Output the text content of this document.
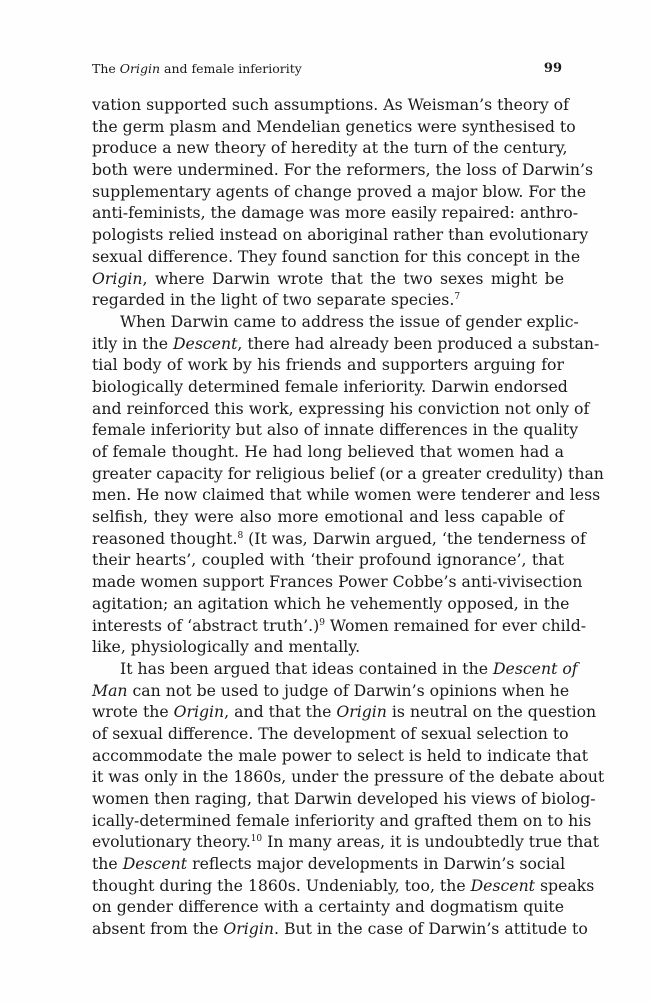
The Origin and female inferiority	99
vation supported such assumptions. As Weisman’s theory of
the germ plasm and Mendelian genetics were synthesised to
produce a new theory of heredity at the turn of the century,
both were undermined. For the reformers, the loss of Darwin’s
supplementary agents of change proved a major blow. For the
anti-feminists, the damage was more easily repaired: anthro-
pologists relied instead on aboriginal rather than evolutionary
sexual difference. They found sanction for this concept in the
Origin, where Darwin wrote that the two sexes might be
regarded in the light of two separate species.$^7$
When Darwin came to address the issue of gender explic-
itly in the Descent, there had already been produced a substan-
tial body of work by his friends and supporters arguing for
biologically determined female inferiority. Darwin endorsed
and reinforced this work, expressing his conviction not only of
female inferiority but also of innate differences in the quality
of female thought. He had long believed that women had a
greater capacity for religious belief (or a greater credulity) than
men. He now claimed that while women were tenderer and less
selfish, they were also more emotional and less capable of
reasoned thought.$^8$ (It was, Darwin argued, ‘the tenderness of
their hearts’, coupled with ‘their profound ignorance’, that
made women support Frances Power Cobbe’s anti-vivisection
agitation; an agitation which he vehemently opposed, in the
interests of ‘abstract truth’.)$^9$ Women remained for ever child-
like, physiologically and mentally.
It has been argued that ideas contained in the Descent of
Man can not be used to judge of Darwin’s opinions when he
wrote the Origin, and that the Origin is neutral on the question
of sexual difference. The development of sexual selection to
accommodate the male power to select is held to indicate that
it was only in the 1860s, under the pressure of the debate about
women then raging, that Darwin developed his views of biolog-
ically-determined female inferiority and grafted them on to his
evolutionary theory.$^{10}$ In many areas, it is undoubtedly true that
the Descent reflects major developments in Darwin’s social
thought during the 1860s. Undeniably, too, the Descent speaks
on gender difference with a certainty and dogmatism quite
absent from the Origin. But in the case of Darwin’s attitude to
